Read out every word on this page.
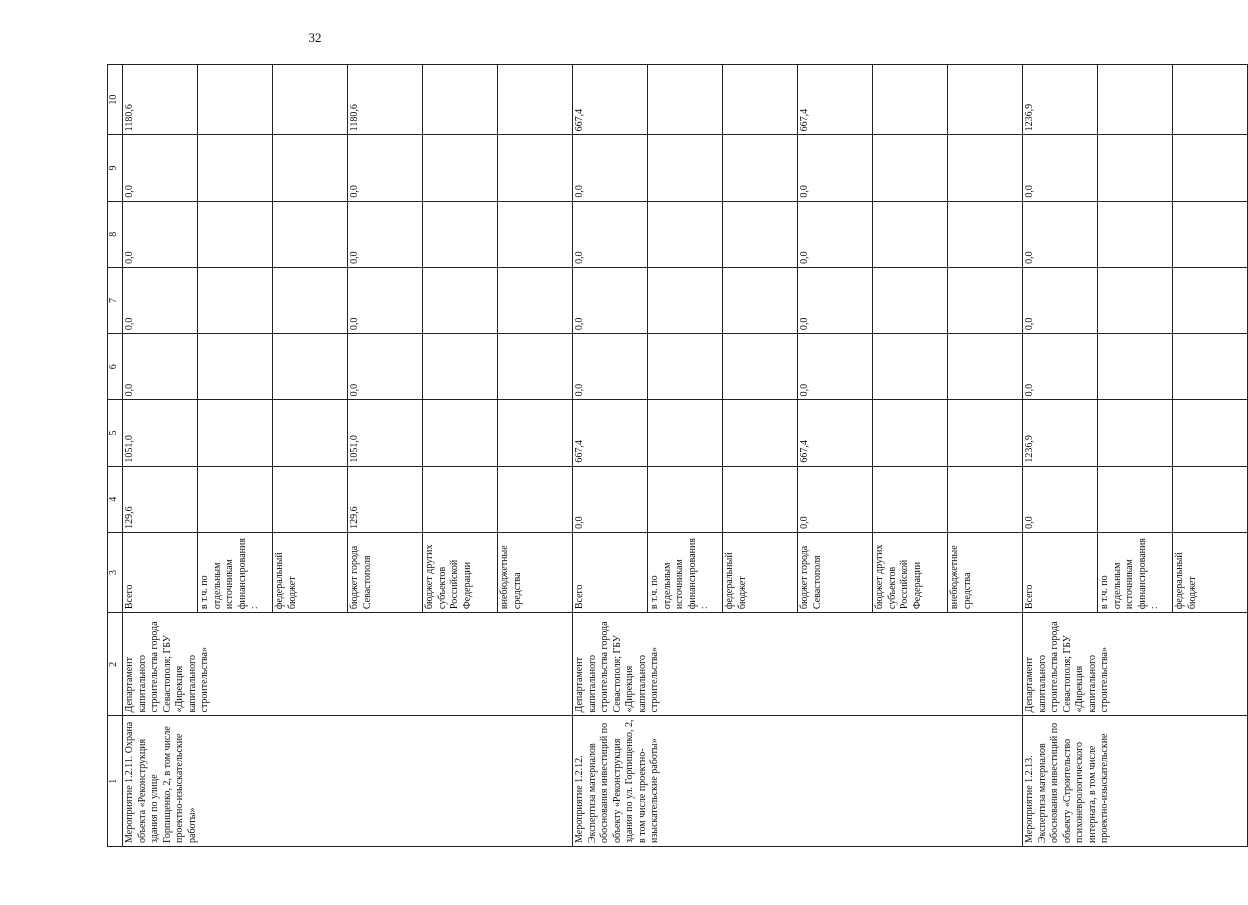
32
1	2	3	4	5	6	7	8	9	10
Мероприятие 1.2.11. Охрана объекта «Реконструкция здания по улице Горпищенко, 2, в том числе проектно-изыскательские работы»	Департамент капитального строительства города Севастополя; ГБУ «Дирекция капитального строительства»	Всего	129,6	1051,0	0,0	0,0	0,0	0,0	1180,6
		в т.ч. по отдельным источникам финансирования:							
		федеральный бюджет							
		бюджет города Севастополя	129,6	1051,0	0,0	0,0	0,0	0,0	1180,6
		бюджет других субъектов Российской Федерации							
		внебюджетные средства							
Мероприятие 1.2.12. Экспертиза материалов обоснования инвестиций по объекту «Реконструкция здания по ул. Горпищенко, 2, в том числе проектно-изыскательские работы»	Департамент капитального строительства города Севастополя; ГБУ «Дирекция капитального строительства»	Всего	0,0	667,4	0,0	0,0	0,0	0,0	667,4
		в т.ч. по отдельным источникам финансирования:							
		федеральный бюджет							
		бюджет города Севастополя	0,0	667,4	0,0	0,0	0,0	0,0	667,4
		бюджет других субъектов Российской Федерации							
		внебюджетные средства							
Мероприятие 1.2.13. Экспертиза материалов обоснования инвестиций по объекту «Строительство психоневрологического интерната, в том числе проектно-изыскательские	Департамент капитального строительства города Севастополя; ГБУ «Дирекция капитального строительства»	Всего	0,0	1236,9	0,0	0,0	0,0	0,0	1236,9
		в т.ч. по отдельным источникам финансирования:							
		федеральный бюджет							
